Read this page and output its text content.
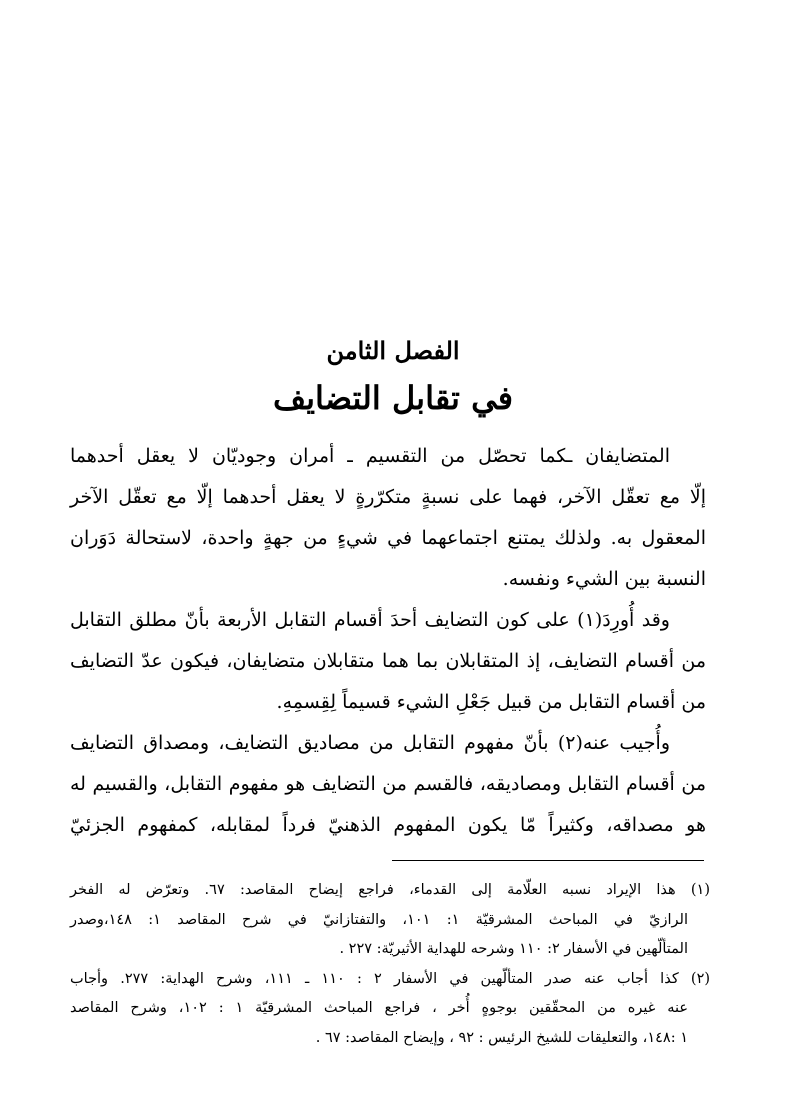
الفصل الثامن
في تقابل التضايف
المتضايفان ـكما تحصّل من التقسيم ـ أمران وجوديّان لا يعقل أحدهما
إلّا مع تعقّل الآخر، فهما على نسبةٍ متكرّرةٍ لا يعقل أحدهما إلّا مع تعقّل الآخر
المعقول به. ولذلك يمتنع اجتماعهما في شيءٍ من جهةٍ واحدة، لاستحالة دَوَران
النسبة بين الشيء ونفسه.
وقد أُورِدَ(١) على كون التضايف أحدَ أقسام التقابل الأربعة بأنّ مطلق التقابل
من أقسام التضايف، إذ المتقابلان بما هما متقابلان متضايفان، فيكون عدّ التضايف
من أقسام التقابل من قبيل جَعْلِ الشيء قسيماً لِقِسمِهِ.
وأُجيب عنه(٢) بأنّ مفهوم التقابل من مصاديق التضايف، ومصداق التضايف
من أقسام التقابل ومصاديقه، فالقسم من التضايف هو مفهوم التقابل، والقسيم له
هو مصداقه، وكثيراً مّا يكون المفهوم الذهنيّ فرداً لمقابله، كمفهوم الجزئيّ
(١) هذا الإيراد نسبه العلّامة إلى القدماء، فراجع إيضاح المقاصد: ٦٧. وتعرّض له الفخر
الرازيّ في المباحث المشرقيّة ١: ١٠١، والتفتازانيّ في شرح المقاصد ١: ١٤٨،وصدر
المتألّهين في الأسفار ٢: ١١٠ وشرحه للهداية الأثيريّة: ٢٢٧ .
(٢) كذا أجاب عنه صدر المتألّهين في الأسفار ٢ : ١١٠ ـ ١١١، وشرح الهداية: ٢٧٧. وأجاب
عنه غيره من المحقّقين بوجوهٍ أُخر ، فراجع المباحث المشرقيّة ١ : ١٠٢، وشرح المقاصد
١ :١٤٨، والتعليقات للشيخ الرئيس : ٩٢ ، وإيضاح المقاصد: ٦٧ .
